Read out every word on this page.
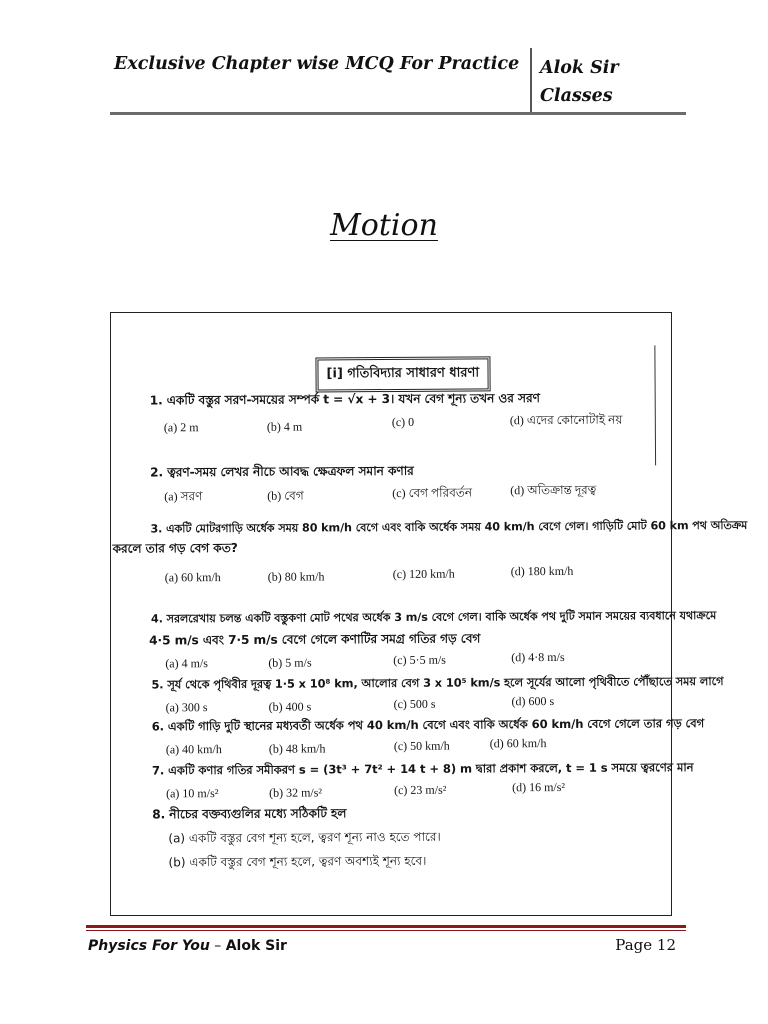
Exclusive Chapter wise MCQ For Practice	Alok Sir Classes
Motion
[i] গতিবিদ্যার সাধারণ ধারণা
1. একটি বস্তুর সরণ-সময়ের সম্পর্ক t = √x + 3। যখন বেগ শূন্য তখন ওর সরণ
(a) 2 m	(b) 4 m	(c) 0	(d) এদের কোনোটাই নয়
2. ত্বরণ-সময় লেখর নীচে আবদ্ধ ক্ষেত্রফল সমান কণার
(a) সরণ	(b) বেগ	(c) বেগ পরিবর্তন	(d) অতিক্রান্ত দূরত্ব
3. একটি মোটরগাড়ি অর্ধেক সময় 80 km/h বেগে এবং বাকি অর্ধেক সময় 40 km/h বেগে গেল। গাড়িটি মোট 60 km পথ অতিক্রম
করলে তার গড় বেগ কত?
(a) 60 km/h	(b) 80 km/h	(c) 120 km/h	(d) 180 km/h
4. সরলরেখায় চলন্ত একটি বস্তুকণা মোট পথের অর্ধেক 3 m/s বেগে গেল। বাকি অর্ধেক পথ দুটি সমান সময়ের ব্যবধানে যথাক্রমে
4·5 m/s এবং 7·5 m/s বেগে গেলে কণাটির সমগ্র গতির গড় বেগ
(a) 4 m/s	(b) 5 m/s	(c) 5·5 m/s	(d) 4·8 m/s
5. সূর্য থেকে পৃথিবীর দূরত্ব 1·5 x 10⁸ km, আলোর বেগ 3 x 10⁵ km/s হলে সূর্যের আলো পৃথিবীতে পৌঁছাতে সময় লাগে
(a) 300 s	(b) 400 s	(c) 500 s	(d) 600 s
6. একটি গাড়ি দুটি স্থানের মধ্যবর্তী অর্ধেক পথ 40 km/h বেগে এবং বাকি অর্ধেক 60 km/h বেগে গেলে তার গড় বেগ
(a) 40 km/h	(b) 48 km/h	(c) 50 km/h	(d) 60 km/h
7. একটি কণার গতির সমীকরণ s = (3t³ + 7t² + 14 t + 8) m দ্বারা প্রকাশ করলে, t = 1 s সময়ে ত্বরণের মান
(a) 10 m/s²	(b) 32 m/s²	(c) 23 m/s²	(d) 16 m/s²
8. নীচের বক্তব্যগুলির মধ্যে সঠিকটি হল
(a) একটি বস্তুর বেগ শূন্য হলে, ত্বরণ শূন্য নাও হতে পারে।
(b) একটি বস্তুর বেগ শূন্য হলে, ত্বরণ অবশ্যই শূন্য হবে।
Physics For You – Alok Sir	Page 12
